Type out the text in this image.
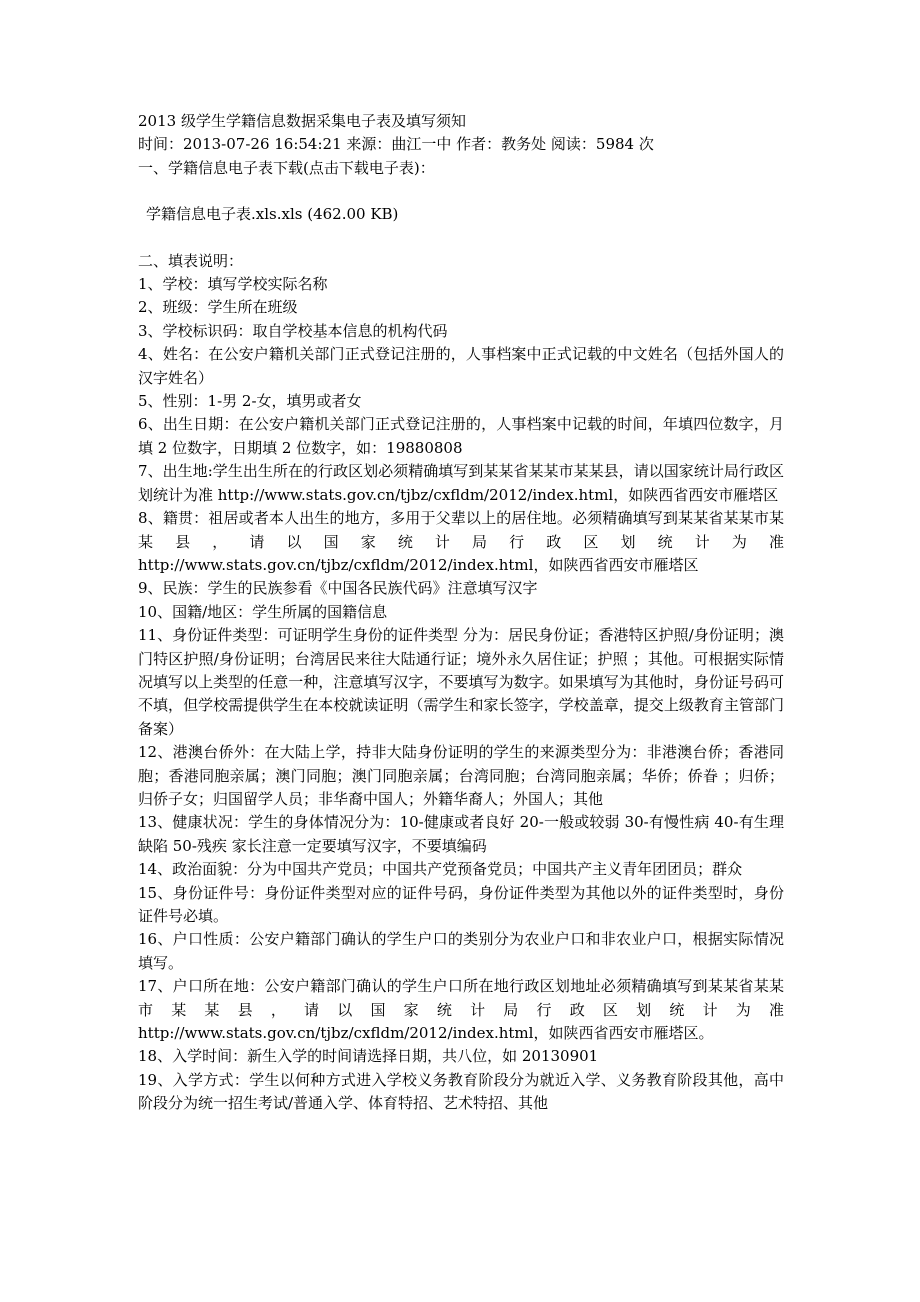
2013 级学生学籍信息数据采集电子表及填写须知
时间：2013-07-26 16:54:21 来源：曲江一中 作者：教务处 阅读：5984 次
一、学籍信息电子表下载(点击下载电子表)：
学籍信息电子表.xls.xls (462.00 KB)
二、填表说明：
1、学校：填写学校实际名称
2、班级：学生所在班级
3、学校标识码：取自学校基本信息的机构代码
4、姓名：在公安户籍机关部门正式登记注册的，人事档案中正式记载的中文姓名（包括外国人的汉字姓名）
5、性别：1-男 2-女，填男或者女
6、出生日期：在公安户籍机关部门正式登记注册的，人事档案中记载的时间，年填四位数字，月填 2 位数字，日期填 2 位数字，如：19880808
7、出生地:学生出生所在的行政区划必须精确填写到某某省某某市某某县，请以国家统计局行政区划统计为准 http://www.stats.gov.cn/tjbz/cxfldm/2012/index.html，如陕西省西安市雁塔区
8、籍贯：祖居或者本人出生的地方，多用于父辈以上的居住地。必须精确填写到某某省某某市某某县，请以国家统计局行政区划统计为准 http://www.stats.gov.cn/tjbz/cxfldm/2012/index.html，如陕西省西安市雁塔区
9、民族：学生的民族参看《中国各民族代码》注意填写汉字
10、国籍/地区：学生所属的国籍信息
11、身份证件类型：可证明学生身份的证件类型 分为：居民身份证；香港特区护照/身份证明；澳门特区护照/身份证明；台湾居民来往大陆通行证；境外永久居住证；护照 ；其他。可根据实际情况填写以上类型的任意一种，注意填写汉字，不要填写为数字。如果填写为其他时，身份证号码可不填，但学校需提供学生在本校就读证明（需学生和家长签字，学校盖章，提交上级教育主管部门备案）
12、港澳台侨外：在大陆上学，持非大陆身份证明的学生的来源类型分为：非港澳台侨；香港同胞；香港同胞亲属；澳门同胞；澳门同胞亲属；台湾同胞；台湾同胞亲属；华侨；侨眷 ；归侨；归侨子女；归国留学人员；非华裔中国人；外籍华裔人；外国人；其他
13、健康状况：学生的身体情况分为：10-健康或者良好 20-一般或较弱 30-有慢性病 40-有生理缺陷 50-残疾 家长注意一定要填写汉字，不要填编码
14、政治面貌：分为中国共产党员；中国共产党预备党员；中国共产主义青年团团员；群众
15、身份证件号：身份证件类型对应的证件号码，身份证件类型为其他以外的证件类型时，身份证件号必填。
16、户口性质：公安户籍部门确认的学生户口的类别分为农业户口和非农业户口，根据实际情况填写。
17、户口所在地：公安户籍部门确认的学生户口所在地行政区划地址必须精确填写到某某省某某市某某县，请以国家统计局行政区划统计为准 http://www.stats.gov.cn/tjbz/cxfldm/2012/index.html，如陕西省西安市雁塔区。
18、入学时间：新生入学的时间请选择日期，共八位，如 20130901
19、入学方式：学生以何种方式进入学校义务教育阶段分为就近入学、义务教育阶段其他，高中阶段分为统一招生考试/普通入学、体育特招、艺术特招、其他
